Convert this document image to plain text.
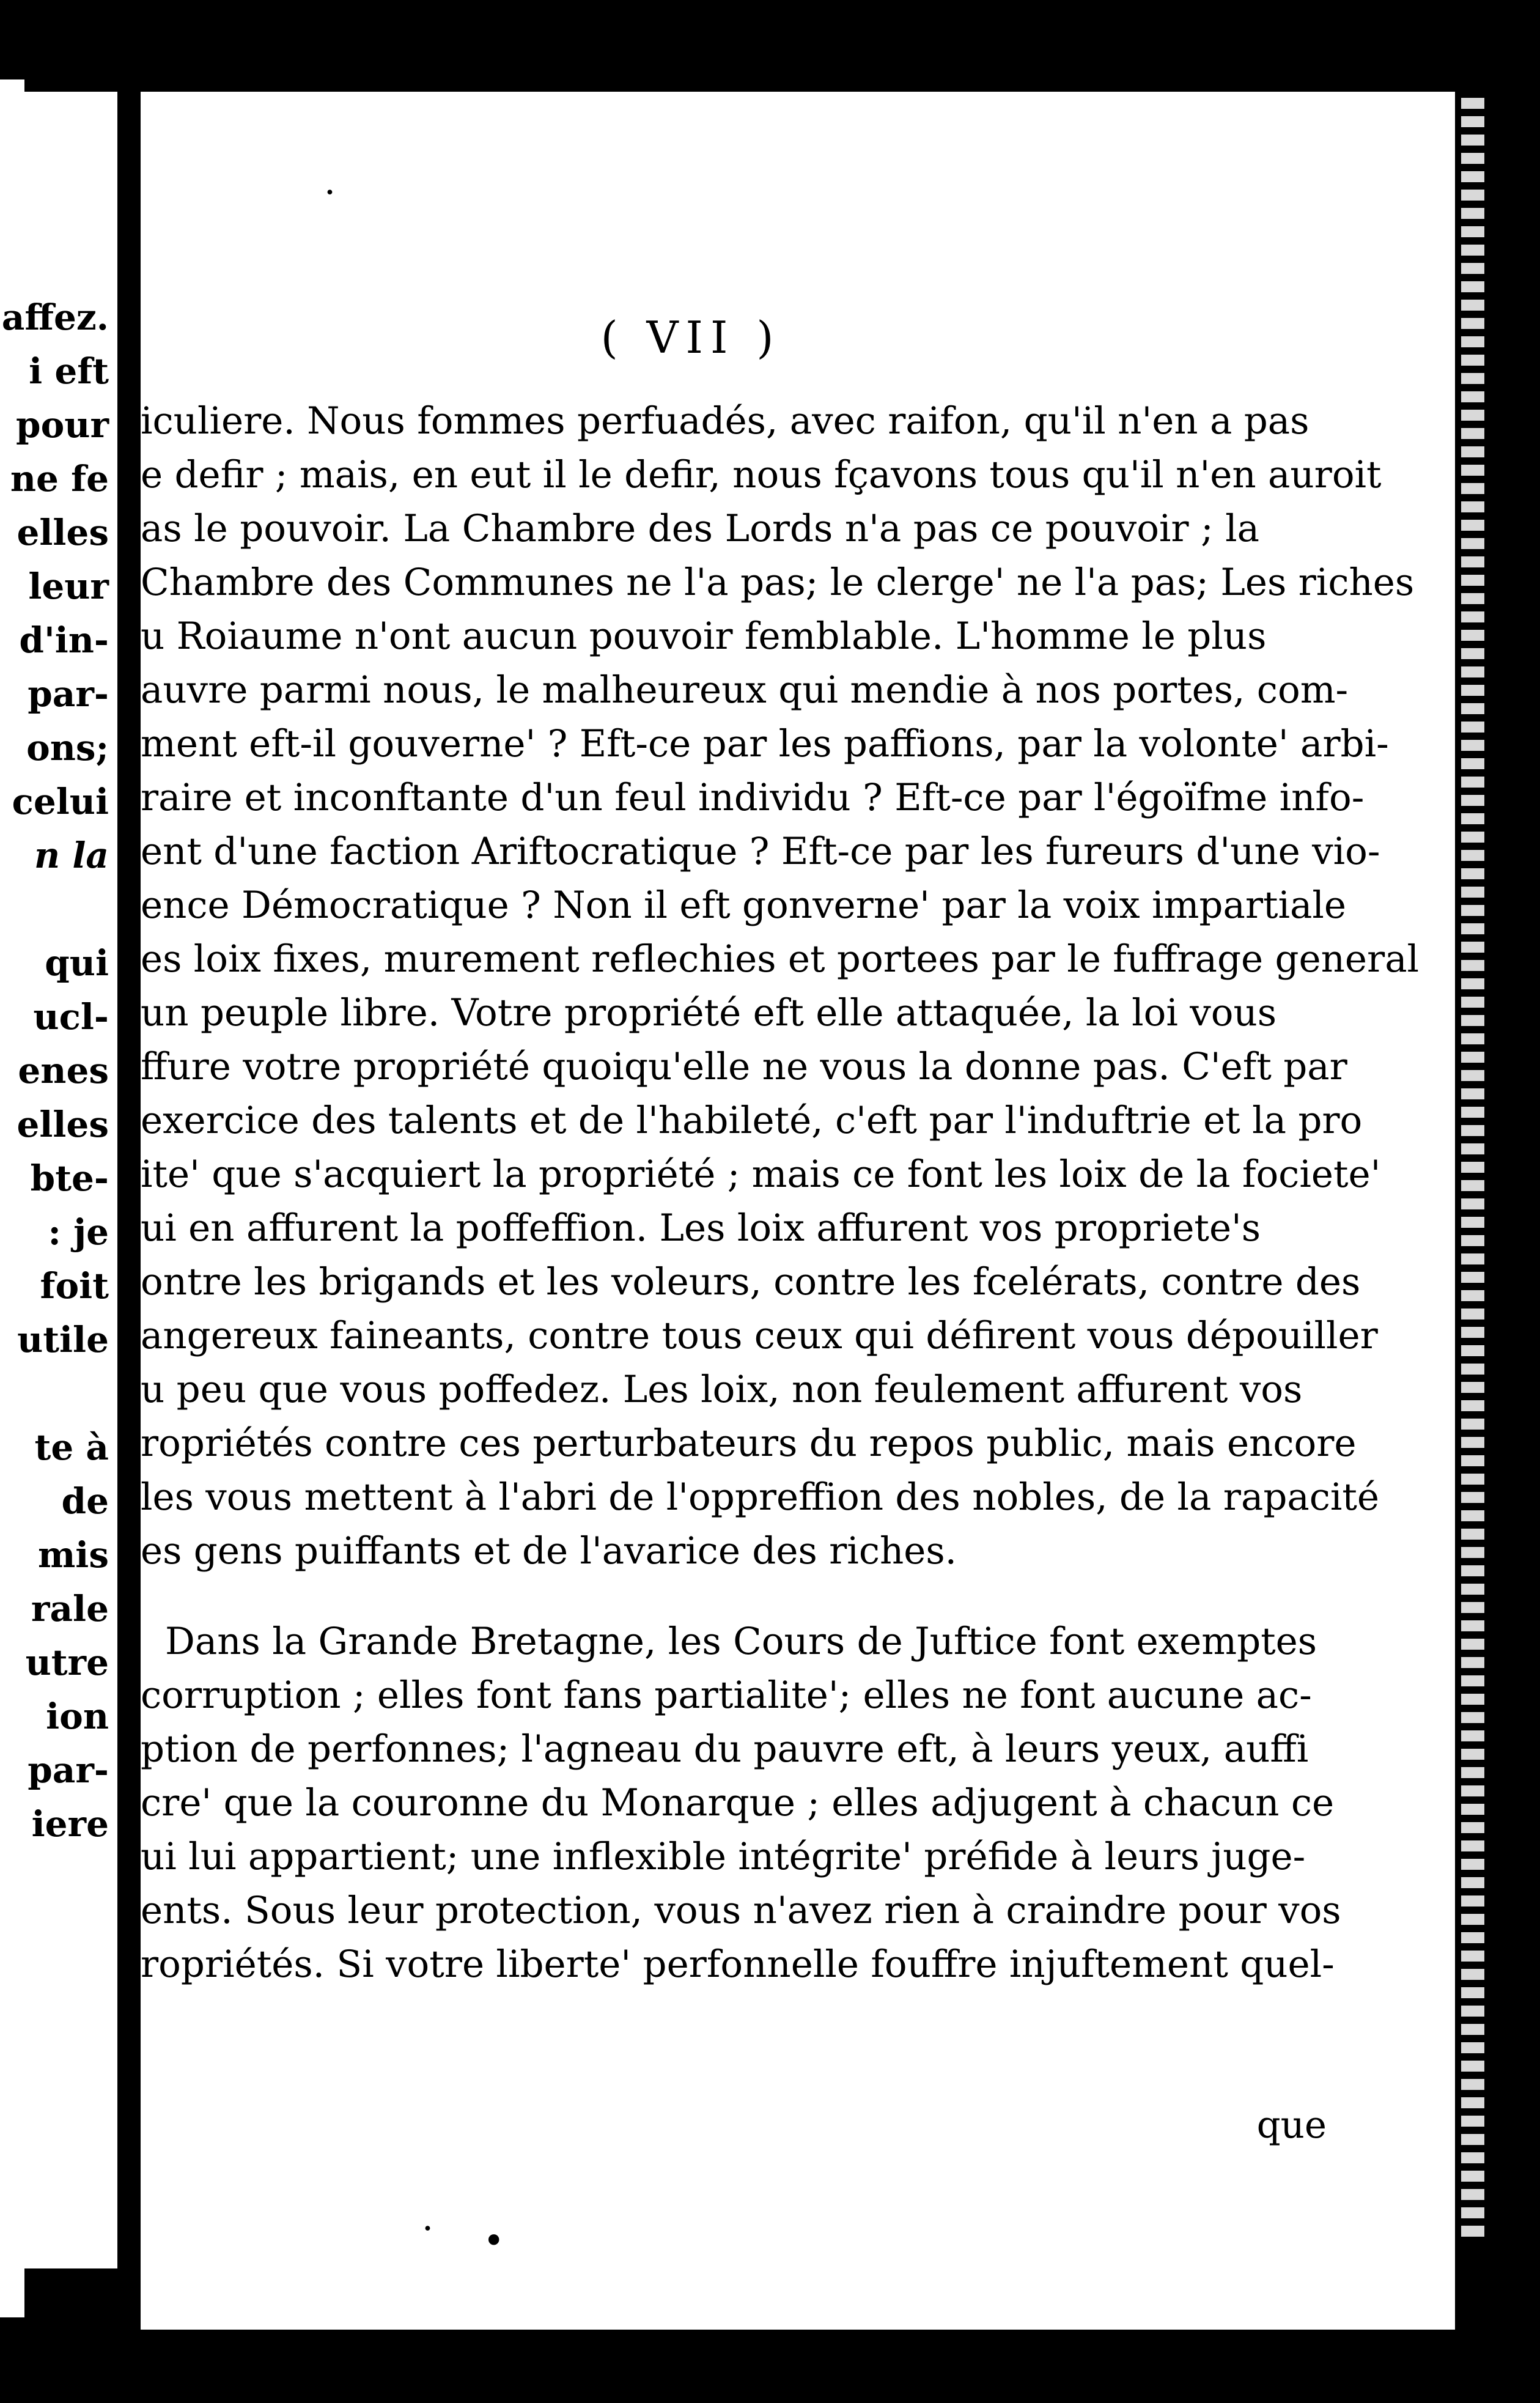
affez.
i eft
pour
ne fe
elles
leur
d'in-
par-
ons;
celui
n la
qui
ucl-
enes
elles
bte-
: je
foit
utile
te à
de
mis
rale
utre
ion
par-
iere
( VII )
iculiere. Nous fommes perfuadés, avec raifon, qu'il n'en a pas
e defir ; mais, en eut il le defir, nous fçavons tous qu'il n'en auroit
as le pouvoir. La Chambre des Lords n'a pas ce pouvoir ; la
Chambre des Communes ne l'a pas; le clerge' ne l'a pas; Les riches
u Roiaume n'ont aucun pouvoir femblable. L'homme le plus
auvre parmi nous, le malheureux qui mendie à nos portes, com-
ment eft-il gouverne' ? Eft-ce par les paffions, par la volonte' arbi-
raire et inconftante d'un feul individu ? Eft-ce par l'égoïfme info-
ent d'une faction Ariftocratique ? Eft-ce par les fureurs d'une vio-
ence Démocratique ? Non il eft gonverne' par la voix impartiale
es loix fixes, murement reflechies et portees par le fuffrage general
un peuple libre. Votre propriété eft elle attaquée, la loi vous
ffure votre propriété quoiqu'elle ne vous la donne pas. C'eft par
exercice des talents et de l'habileté, c'eft par l'induftrie et la pro
ite' que s'acquiert la propriété ; mais ce font les loix de la fociete'
ui en affurent la poffeffion. Les loix affurent vos propriete's
ontre les brigands et les voleurs, contre les fcelérats, contre des
angereux faineants, contre tous ceux qui défirent vous dépouiller
u peu que vous poffedez. Les loix, non feulement affurent vos
ropriétés contre ces perturbateurs du repos public, mais encore
les vous mettent à l'abri de l'oppreffion des nobles, de la rapacité
es gens puiffants et de l'avarice des riches.
Dans la Grande Bretagne, les Cours de Juftice font exemptes
corruption ; elles font fans partialite'; elles ne font aucune ac-
ption de perfonnes; l'agneau du pauvre eft, à leurs yeux, auffi
cre' que la couronne du Monarque ; elles adjugent à chacun ce
ui lui appartient; une inflexible intégrite' préfide à leurs juge-
ents. Sous leur protection, vous n'avez rien à craindre pour vos
ropriétés. Si votre liberte' perfonnelle fouffre injuftement quel-
que
·
· •
